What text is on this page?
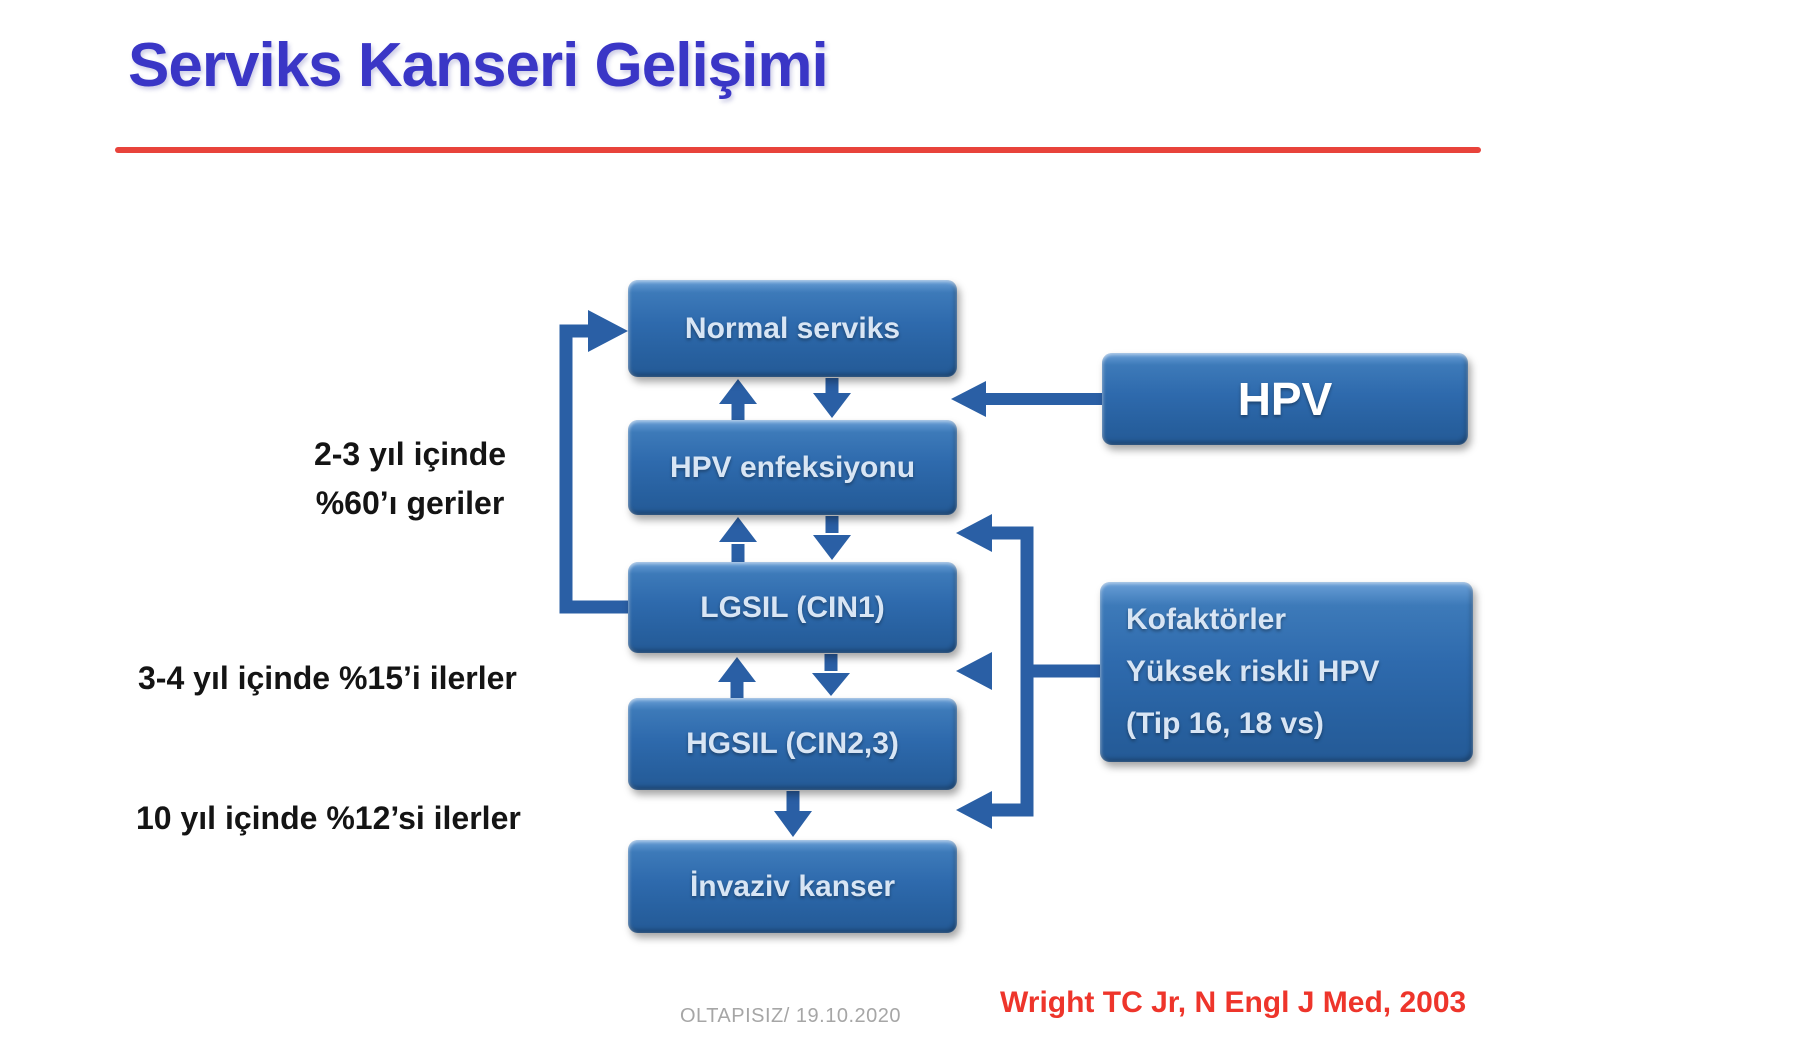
Serviks Kanseri Gelişimi
Normal serviks
HPV enfeksiyonu
LGSIL (CIN1)
HGSIL (CIN2,3)
İnvaziv kanser
HPV
Kofaktörler
Yüksek riskli HPV
(Tip 16, 18 vs)
2-3 yıl içinde
%60’ı geriler
3-4 yıl içinde %15’i ilerler
10 yıl içinde %12’si ilerler
OLTAPISIZ/ 19.10.2020	Wright TC Jr, N Engl J Med, 2003
